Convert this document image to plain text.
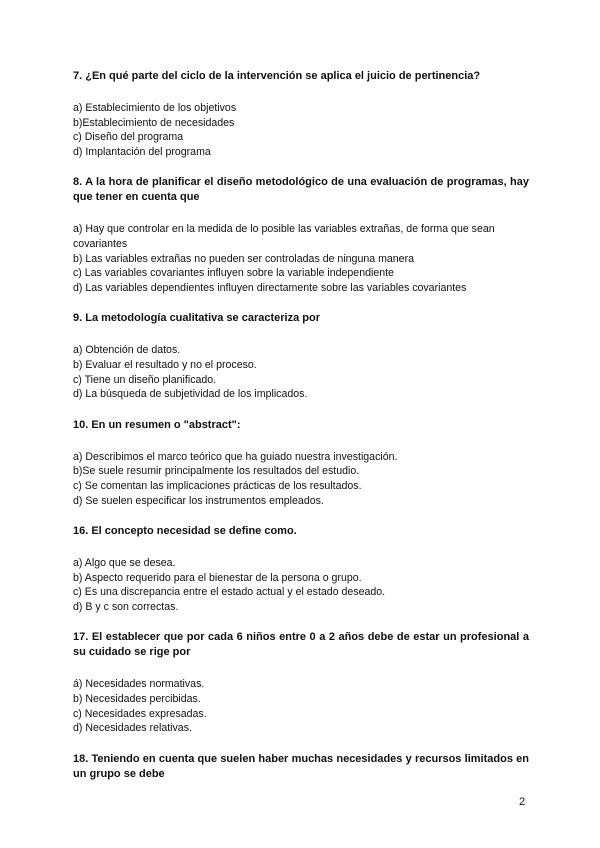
7. ¿En qué parte del ciclo de la intervención se aplica el juicio de pertinencia?

a) Establecimiento de los objetivos
b)Establecimiento de necesidades
c) Diseño del programa
d) Implantación del programa

8. A la hora de planificar el diseño metodológico de una evaluación de programas, hay que tener en cuenta que

a) Hay que controlar en la medida de lo posible las variables extrañas, de forma que sean covariantes
b) Las variables extrañas no pueden ser controladas de ninguna manera
c) Las variables covariantes influyen sobre la variable independiente
d) Las variables dependientes influyen directamente sobre las variables covariantes

9. La metodología cualitativa se caracteriza por

a) Obtención de datos.
b) Evaluar el resultado y no el proceso.
c) Tiene un diseño planificado.
d) La búsqueda de subjetividad de los implicados.

10. En un resumen o "abstract":

a) Describimos el marco teórico que ha guiado nuestra investigación.
b)Se suele resumir principalmente los resultados del estudio.
c) Se comentan las implicaciones prácticas de los resultados.
d) Se suelen especificar los instrumentos empleados.

16. El concepto necesidad se define como.

a) Algo que se desea.
b) Aspecto requerido para el bienestar de la persona o grupo.
c) Es una discrepancia entre el estado actual y el estado deseado.
d) B y c son correctas.

17. El establecer que por cada 6 niños entre 0 a 2 años debe de estar un profesional a su cuidado se rige por

á) Necesidades normativas.
b) Necesidades percibidas.
c) Necesidades expresadas.
d) Necesidades relativas.

18. Teniendo en cuenta que suelen haber muchas necesidades y recursos limitados en un grupo se debe

2
